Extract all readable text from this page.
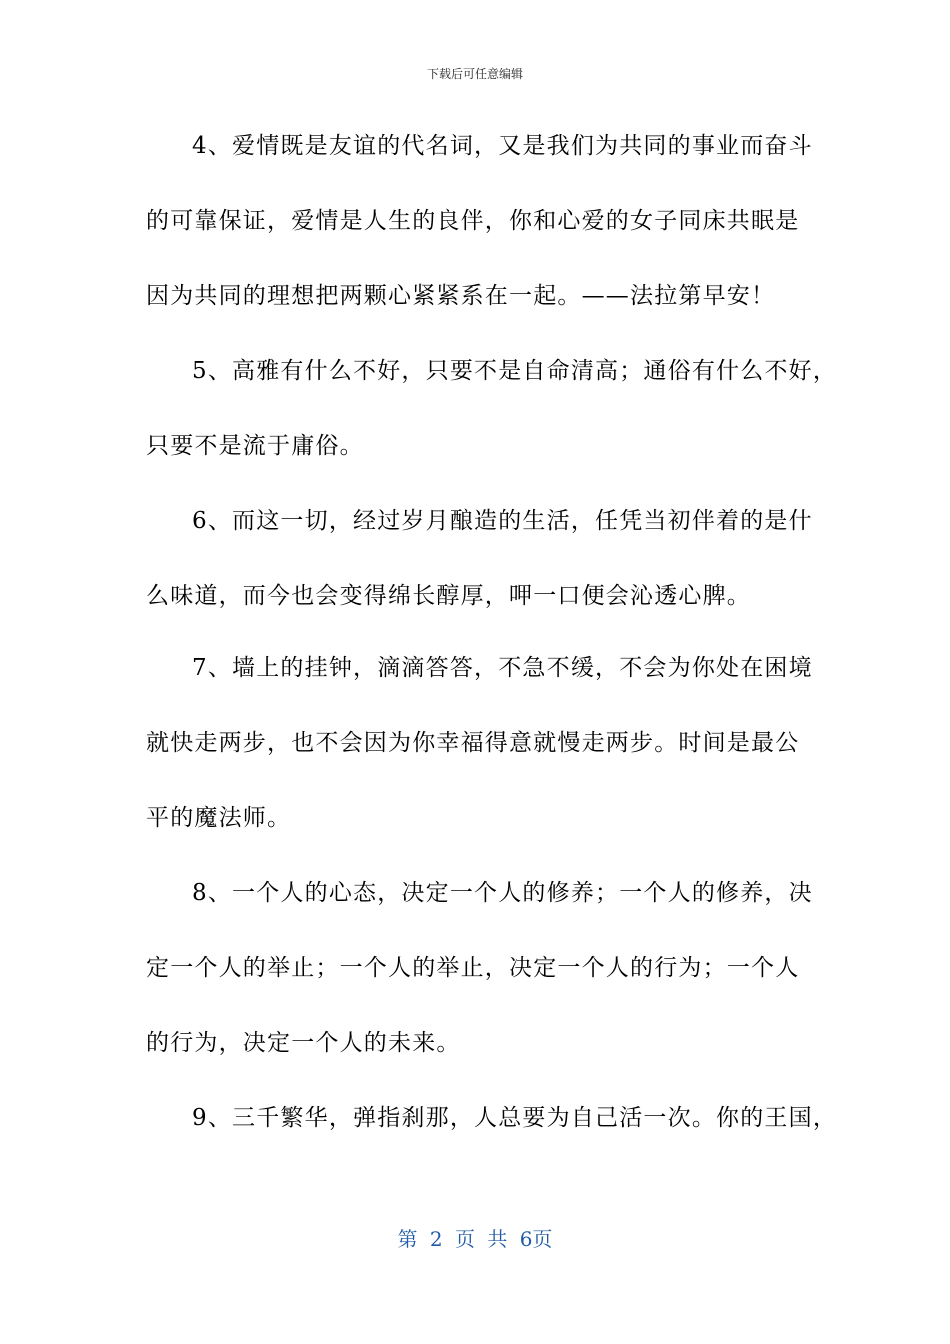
下载后可任意编辑
4、爱情既是友谊的代名词，又是我们为共同的事业而奋斗
的可靠保证，爱情是人生的良伴，你和心爱的女子同床共眠是
因为共同的理想把两颗心紧紧系在一起。——法拉第早安！
5、高雅有什么不好，只要不是自命清高；通俗有什么不好，
只要不是流于庸俗。
6、而这一切，经过岁月酿造的生活，任凭当初伴着的是什
么味道，而今也会变得绵长醇厚，呷一口便会沁透心脾。
7、墙上的挂钟，滴滴答答，不急不缓，不会为你处在困境
就快走两步，也不会因为你幸福得意就慢走两步。时间是最公
平的魔法师。
8、一个人的心态，决定一个人的修养；一个人的修养，决
定一个人的举止；一个人的举止，决定一个人的行为；一个人
的行为，决定一个人的未来。
9、三千繁华，弹指刹那，人总要为自己活一次。你的王国，
第 2 页 共 6页
